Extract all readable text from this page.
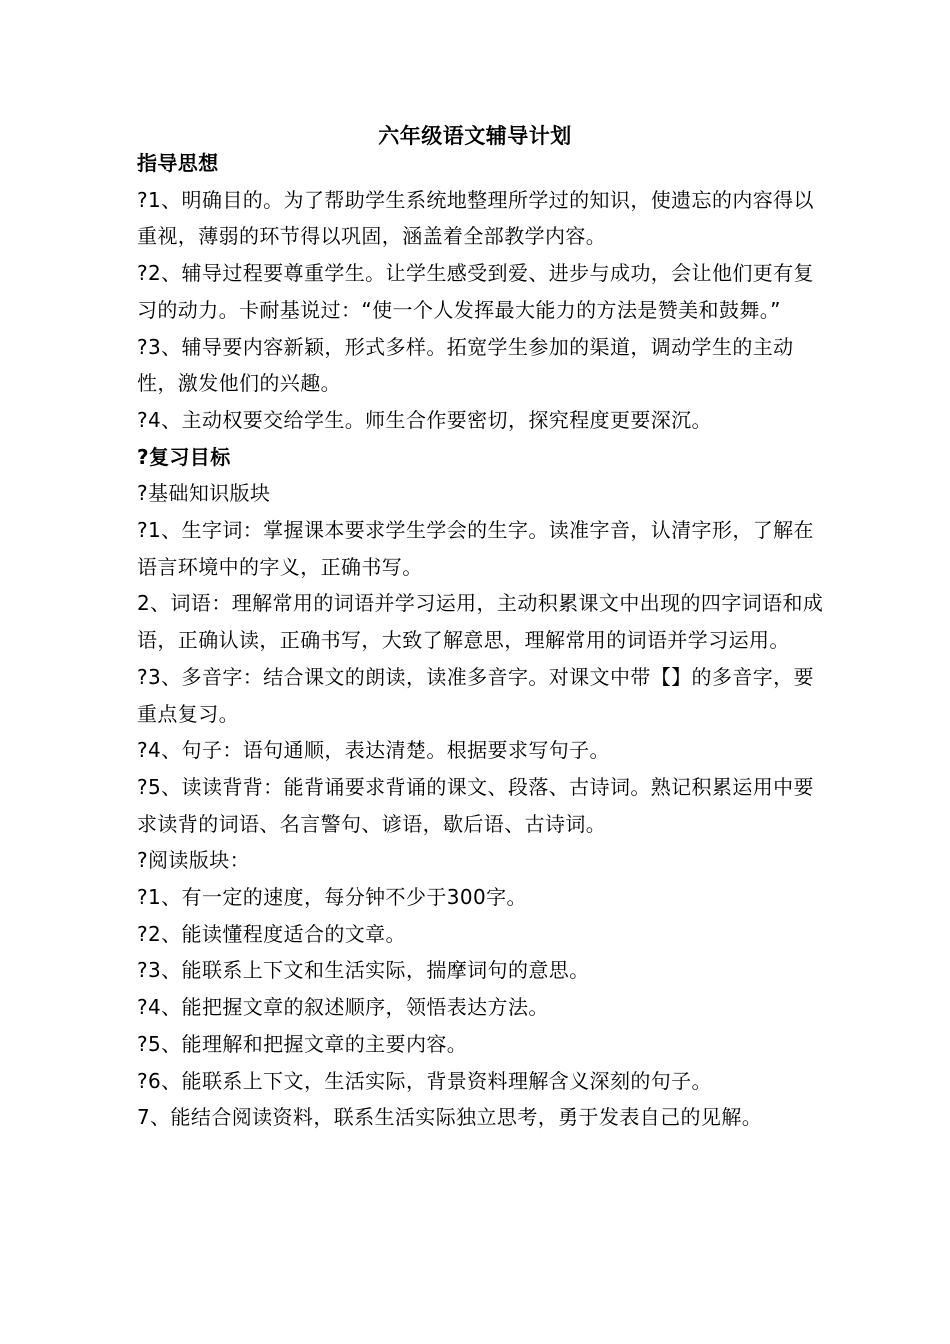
六年级语文辅导计划

指导思想

?1、明确目的。为了帮助学生系统地整理所学过的知识，使遗忘的内容得以重视，薄弱的环节得以巩固，涵盖着全部教学内容。

?2、辅导过程要尊重学生。让学生感受到爱、进步与成功，会让他们更有复习的动力。卡耐基说过：“使一个人发挥最大能力的方法是赞美和鼓舞。”

?3、辅导要内容新颖，形式多样。拓宽学生参加的渠道，调动学生的主动性，激发他们的兴趣。

?4、主动权要交给学生。师生合作要密切，探究程度更要深沉。

?复习目标

?基础知识版块

?1、生字词：掌握课本要求学生学会的生字。读准字音，认清字形，了解在语言环境中的字义，正确书写。

2、词语：理解常用的词语并学习运用，主动积累课文中出现的四字词语和成语，正确认读，正确书写，大致了解意思，理解常用的词语并学习运用。

?3、多音字：结合课文的朗读，读准多音字。对课文中带【】的多音字，要重点复习。

?4、句子：语句通顺，表达清楚。根据要求写句子。

?5、读读背背：能背诵要求背诵的课文、段落、古诗词。熟记积累运用中要求读背的词语、名言警句、谚语，歇后语、古诗词。

?阅读版块：

?1、有一定的速度，每分钟不少于300字。

?2、能读懂程度适合的文章。

?3、能联系上下文和生活实际，揣摩词句的意思。

?4、能把握文章的叙述顺序，领悟表达方法。

?5、能理解和把握文章的主要内容。

?6、能联系上下文，生活实际，背景资料理解含义深刻的句子。

7、能结合阅读资料，联系生活实际独立思考，勇于发表自己的见解。
